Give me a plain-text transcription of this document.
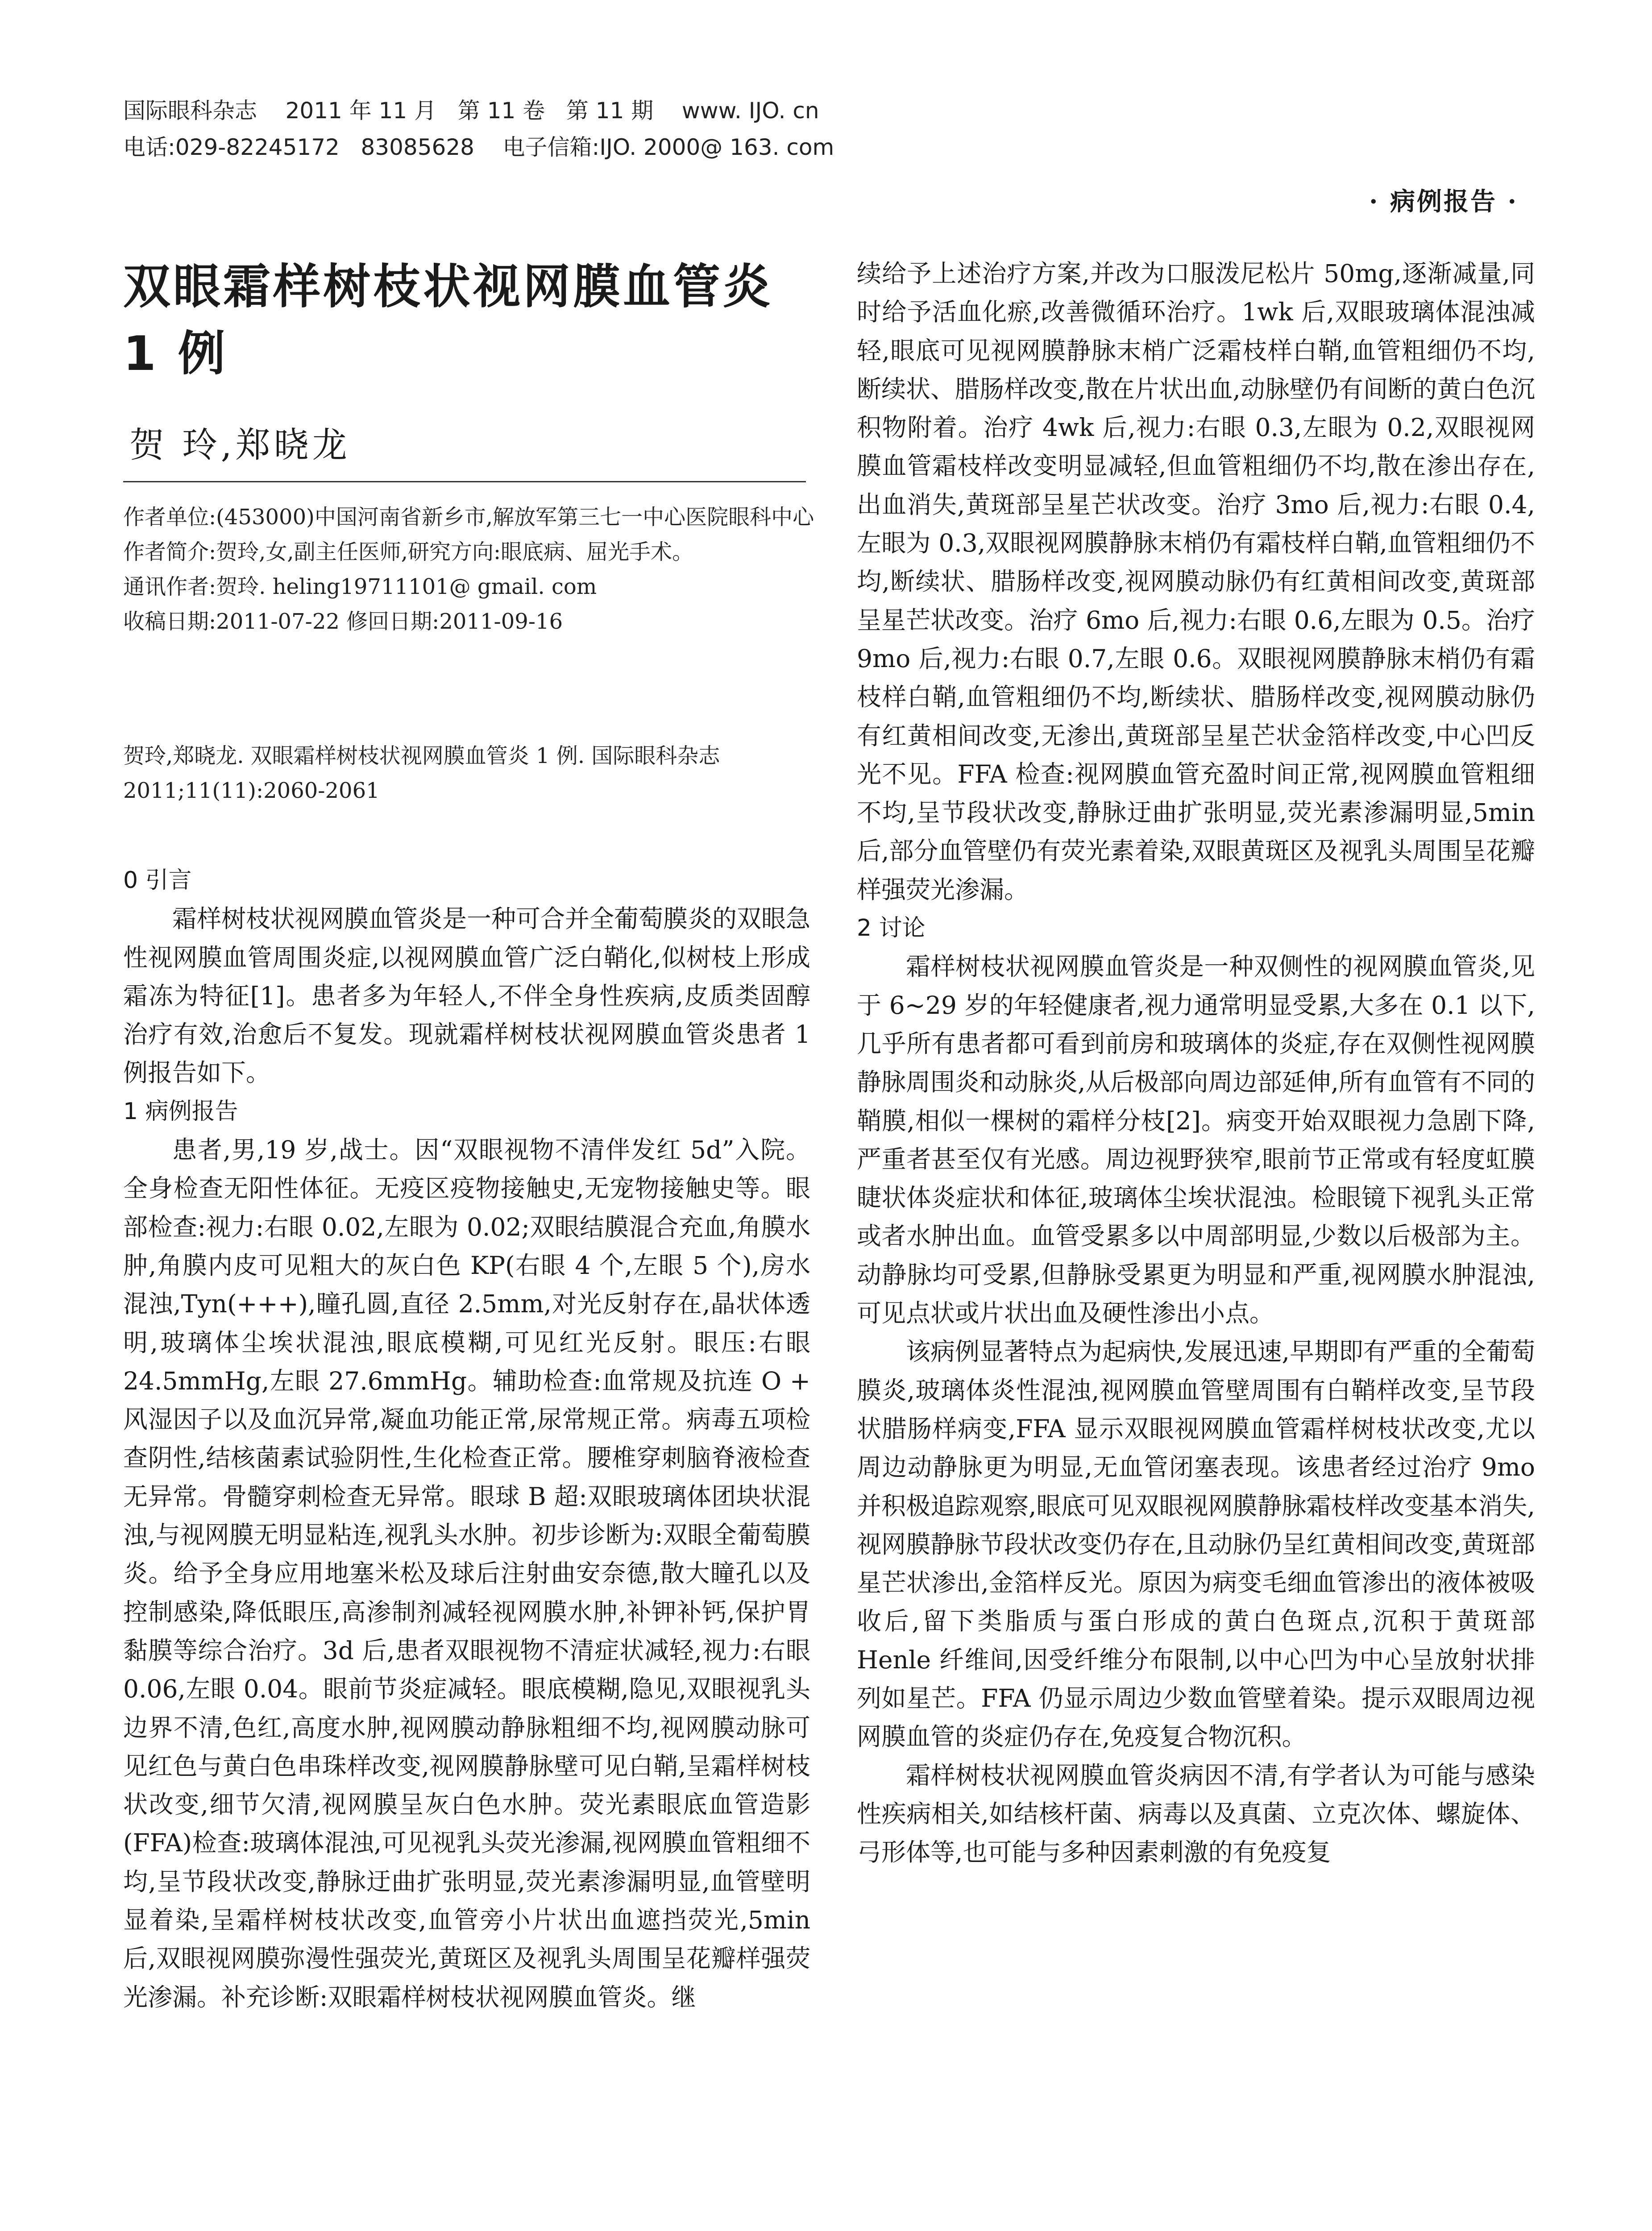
国际眼科杂志    2011 年 11 月   第 11 卷   第 11 期    www. IJO. cn
电话:029-82245172   83085628    电子信箱:IJO. 2000@ 163. com
· 病例报告 ·
双眼霜样树枝状视网膜血管炎
1 例
贺 玲,郑晓龙

作者单位:(453000)中国河南省新乡市,解放军第三七一中心医院眼科中心

作者简介:贺玲,女,副主任医师,研究方向:眼底病、屈光手术。

通讯作者:贺玲. heling19711101@ gmail. com

收稿日期:2011-07-22 修回日期:2011-09-16

贺玲,郑晓龙. 双眼霜样树枝状视网膜血管炎 1 例. 国际眼科杂志 2011;11(11):2060-2061

0 引言

霜样树枝状视网膜血管炎是一种可合并全葡萄膜炎的双眼急性视网膜血管周围炎症,以视网膜血管广泛白鞘化,似树枝上形成霜冻为特征[1]。患者多为年轻人,不伴全身性疾病,皮质类固醇治疗有效,治愈后不复发。现就霜样树枝状视网膜血管炎患者 1 例报告如下。

1 病例报告

患者,男,19 岁,战士。因“双眼视物不清伴发红 5d”入院。全身检查无阳性体征。无疫区疫物接触史,无宠物接触史等。眼部检查:视力:右眼 0.02,左眼为 0.02;双眼结膜混合充血,角膜水肿,角膜内皮可见粗大的灰白色 KP(右眼 4 个,左眼 5 个),房水混浊,Tyn(+++),瞳孔圆,直径 2.5mm,对光反射存在,晶状体透明,玻璃体尘埃状混浊,眼底模糊,可见红光反射。眼压:右眼 24.5mmHg,左眼 27.6mmHg。辅助检查:血常规及抗连 O + 风湿因子以及血沉异常,凝血功能正常,尿常规正常。病毒五项检查阴性,结核菌素试验阴性,生化检查正常。腰椎穿刺脑脊液检查无异常。骨髓穿刺检查无异常。眼球 B 超:双眼玻璃体团块状混浊,与视网膜无明显粘连,视乳头水肿。初步诊断为:双眼全葡萄膜炎。给予全身应用地塞米松及球后注射曲安奈德,散大瞳孔以及控制感染,降低眼压,高渗制剂减轻视网膜水肿,补钾补钙,保护胃黏膜等综合治疗。3d 后,患者双眼视物不清症状减轻,视力:右眼 0.06,左眼 0.04。眼前节炎症减轻。眼底模糊,隐见,双眼视乳头边界不清,色红,高度水肿,视网膜动静脉粗细不均,视网膜动脉可见红色与黄白色串珠样改变,视网膜静脉壁可见白鞘,呈霜样树枝状改变,细节欠清,视网膜呈灰白色水肿。荧光素眼底血管造影(FFA)检查:玻璃体混浊,可见视乳头荧光渗漏,视网膜血管粗细不均,呈节段状改变,静脉迂曲扩张明显,荧光素渗漏明显,血管壁明显着染,呈霜样树枝状改变,血管旁小片状出血遮挡荧光,5min 后,双眼视网膜弥漫性强荧光,黄斑区及视乳头周围呈花瓣样强荧光渗漏。补充诊断:双眼霜样树枝状视网膜血管炎。继

续给予上述治疗方案,并改为口服泼尼松片 50mg,逐渐减量,同时给予活血化瘀,改善微循环治疗。1wk 后,双眼玻璃体混浊减轻,眼底可见视网膜静脉末梢广泛霜枝样白鞘,血管粗细仍不均,断续状、腊肠样改变,散在片状出血,动脉壁仍有间断的黄白色沉积物附着。治疗 4wk 后,视力:右眼 0.3,左眼为 0.2,双眼视网膜血管霜枝样改变明显减轻,但血管粗细仍不均,散在渗出存在,出血消失,黄斑部呈星芒状改变。治疗 3mo 后,视力:右眼 0.4,左眼为 0.3,双眼视网膜静脉末梢仍有霜枝样白鞘,血管粗细仍不均,断续状、腊肠样改变,视网膜动脉仍有红黄相间改变,黄斑部呈星芒状改变。治疗 6mo 后,视力:右眼 0.6,左眼为 0.5。治疗 9mo 后,视力:右眼 0.7,左眼 0.6。双眼视网膜静脉末梢仍有霜枝样白鞘,血管粗细仍不均,断续状、腊肠样改变,视网膜动脉仍有红黄相间改变,无渗出,黄斑部呈星芒状金箔样改变,中心凹反光不见。FFA 检查:视网膜血管充盈时间正常,视网膜血管粗细不均,呈节段状改变,静脉迂曲扩张明显,荧光素渗漏明显,5min 后,部分血管壁仍有荧光素着染,双眼黄斑区及视乳头周围呈花瓣样强荧光渗漏。

2 讨论

霜样树枝状视网膜血管炎是一种双侧性的视网膜血管炎,见于 6~29 岁的年轻健康者,视力通常明显受累,大多在 0.1 以下,几乎所有患者都可看到前房和玻璃体的炎症,存在双侧性视网膜静脉周围炎和动脉炎,从后极部向周边部延伸,所有血管有不同的鞘膜,相似一棵树的霜样分枝[2]。病变开始双眼视力急剧下降,严重者甚至仅有光感。周边视野狭窄,眼前节正常或有轻度虹膜睫状体炎症状和体征,玻璃体尘埃状混浊。检眼镜下视乳头正常或者水肿出血。血管受累多以中周部明显,少数以后极部为主。动静脉均可受累,但静脉受累更为明显和严重,视网膜水肿混浊,可见点状或片状出血及硬性渗出小点。

该病例显著特点为起病快,发展迅速,早期即有严重的全葡萄膜炎,玻璃体炎性混浊,视网膜血管壁周围有白鞘样改变,呈节段状腊肠样病变,FFA 显示双眼视网膜血管霜样树枝状改变,尤以周边动静脉更为明显,无血管闭塞表现。该患者经过治疗 9mo 并积极追踪观察,眼底可见双眼视网膜静脉霜枝样改变基本消失,视网膜静脉节段状改变仍存在,且动脉仍呈红黄相间改变,黄斑部星芒状渗出,金箔样反光。原因为病变毛细血管渗出的液体被吸收后,留下类脂质与蛋白形成的黄白色斑点,沉积于黄斑部 Henle 纤维间,因受纤维分布限制,以中心凹为中心呈放射状排列如星芒。FFA 仍显示周边少数血管壁着染。提示双眼周边视网膜血管的炎症仍存在,免疫复合物沉积。

霜样树枝状视网膜血管炎病因不清,有学者认为可能与感染性疾病相关,如结核杆菌、病毒以及真菌、立克次体、螺旋体、弓形体等,也可能与多种因素刺激的有免疫复
